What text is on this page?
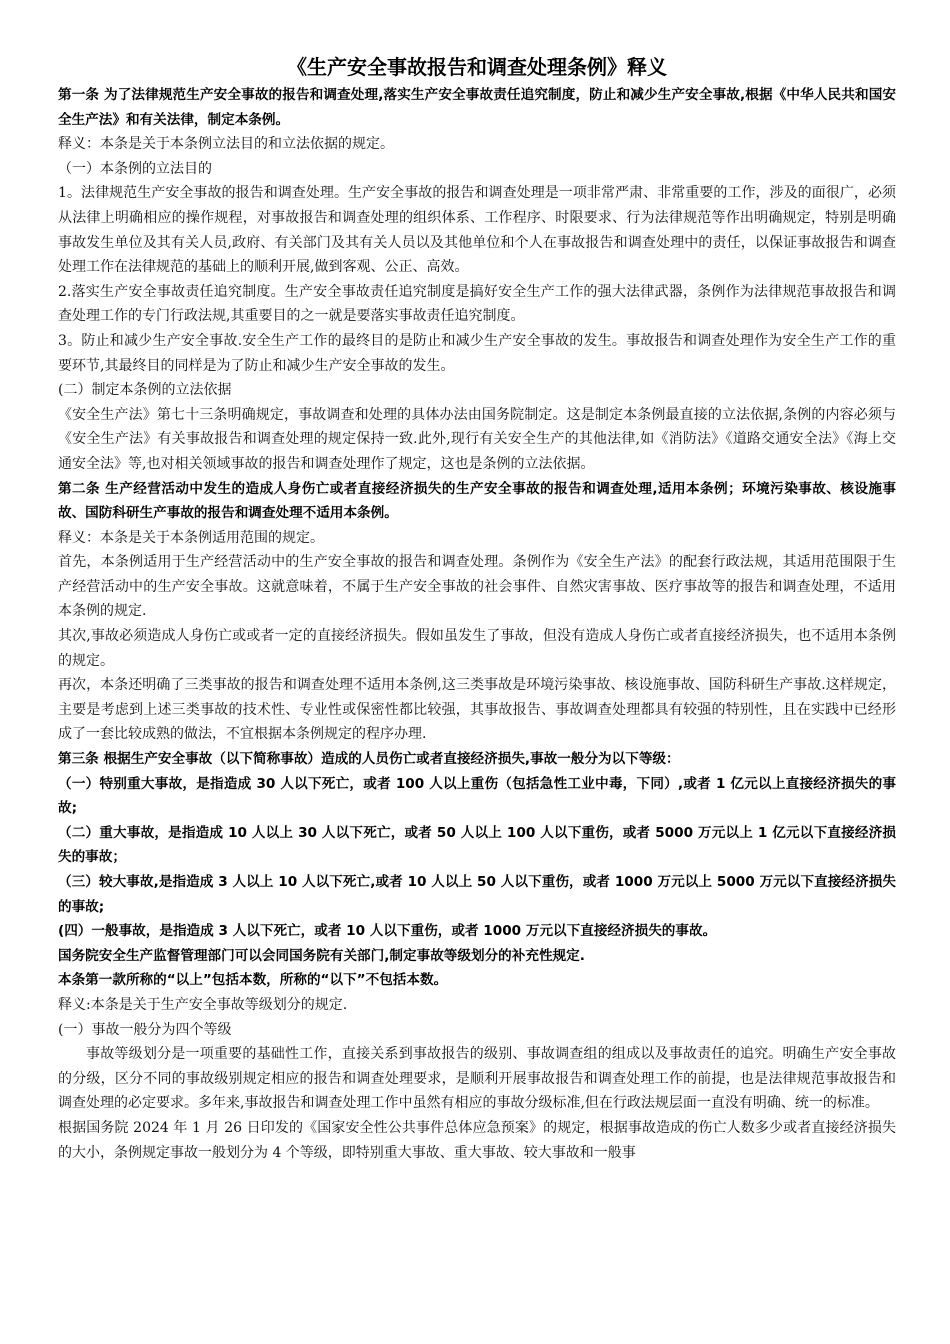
《生产安全事故报告和调查处理条例》释义

第一条 为了法律规范生产安全事故的报告和调查处理,落实生产安全事故责任追究制度，防止和减少生产安全事故,根据《中华人民共和国安全生产法》和有关法律，制定本条例。

释义：本条是关于本条例立法目的和立法依据的规定。

（一）本条例的立法目的

1。法律规范生产安全事故的报告和调查处理。生产安全事故的报告和调查处理是一项非常严肃、非常重要的工作，涉及的面很广，必须从法律上明确相应的操作规程，对事故报告和调查处理的组织体系、工作程序、时限要求、行为法律规范等作出明确规定，特别是明确事故发生单位及其有关人员,政府、有关部门及其有关人员以及其他单位和个人在事故报告和调查处理中的责任，以保证事故报告和调查处理工作在法律规范的基础上的顺利开展,做到客观、公正、高效。

2.落实生产安全事故责任追究制度。生产安全事故责任追究制度是搞好安全生产工作的强大法律武器，条例作为法律规范事故报告和调查处理工作的专门行政法规,其重要目的之一就是要落实事故责任追究制度。

3。防止和减少生产安全事故.安全生产工作的最终目的是防止和减少生产安全事故的发生。事故报告和调查处理作为安全生产工作的重要环节,其最终目的同样是为了防止和减少生产安全事故的发生。

(二）制定本条例的立法依据

《安全生产法》第七十三条明确规定，事故调查和处理的具体办法由国务院制定。这是制定本条例最直接的立法依据,条例的内容必须与《安全生产法》有关事故报告和调查处理的规定保持一致.此外,现行有关安全生产的其他法律,如《消防法》《道路交通安全法》《海上交通安全法》等,也对相关领域事故的报告和调查处理作了规定，这也是条例的立法依据。

第二条 生产经营活动中发生的造成人身伤亡或者直接经济损失的生产安全事故的报告和调查处理,适用本条例；环境污染事故、核设施事故、国防科研生产事故的报告和调查处理不适用本条例。

释义：本条是关于本条例适用范围的规定。

首先，本条例适用于生产经营活动中的生产安全事故的报告和调查处理。条例作为《安全生产法》的配套行政法规，其适用范围限于生产经营活动中的生产安全事故。这就意味着，不属于生产安全事故的社会事件、自然灾害事故、医疗事故等的报告和调查处理，不适用本条例的规定.

其次,事故必须造成人身伤亡或或者一定的直接经济损失。假如虽发生了事故，但没有造成人身伤亡或者直接经济损失，也不适用本条例的规定。

再次，本条还明确了三类事故的报告和调查处理不适用本条例,这三类事故是环境污染事故、核设施事故、国防科研生产事故.这样规定，主要是考虑到上述三类事故的技术性、专业性或保密性都比较强，其事故报告、事故调查处理都具有较强的特别性，且在实践中已经形成了一套比较成熟的做法，不宜根据本条例规定的程序办理.

第三条 根据生产安全事故（以下简称事故）造成的人员伤亡或者直接经济损失,事故一般分为以下等级：

（一）特别重大事故，是指造成 30 人以下死亡，或者 100 人以上重伤（包括急性工业中毒，下同）,或者 1 亿元以上直接经济损失的事故;

（二）重大事故，是指造成 10 人以上 30 人以下死亡，或者 50 人以上 100 人以下重伤，或者 5000 万元以上 1 亿元以下直接经济损失的事故；

（三）较大事故,是指造成 3 人以上 10 人以下死亡,或者 10 人以上 50 人以下重伤，或者 1000 万元以上 5000 万元以下直接经济损失的事故;

(四）一般事故，是指造成 3 人以下死亡，或者 10 人以下重伤，或者 1000 万元以下直接经济损失的事故。

国务院安全生产监督管理部门可以会同国务院有关部门,制定事故等级划分的补充性规定.

本条第一款所称的“以上”包括本数，所称的“以下”不包括本数。

释义:本条是关于生产安全事故等级划分的规定.

(一）事故一般分为四个等级

事故等级划分是一项重要的基础性工作，直接关系到事故报告的级别、事故调查组的组成以及事故责任的追究。明确生产安全事故的分级，区分不同的事故级别规定相应的报告和调查处理要求，是顺利开展事故报告和调查处理工作的前提，也是法律规范事故报告和调查处理的必定要求。多年来,事故报告和调查处理工作中虽然有相应的事故分级标准,但在行政法规层面一直没有明确、统一的标准。

根据国务院 2024 年 1 月 26 日印发的《国家安全性公共事件总体应急预案》的规定，根据事故造成的伤亡人数多少或者直接经济损失的大小，条例规定事故一般划分为 4 个等级，即特别重大事故、重大事故、较大事故和一般事
